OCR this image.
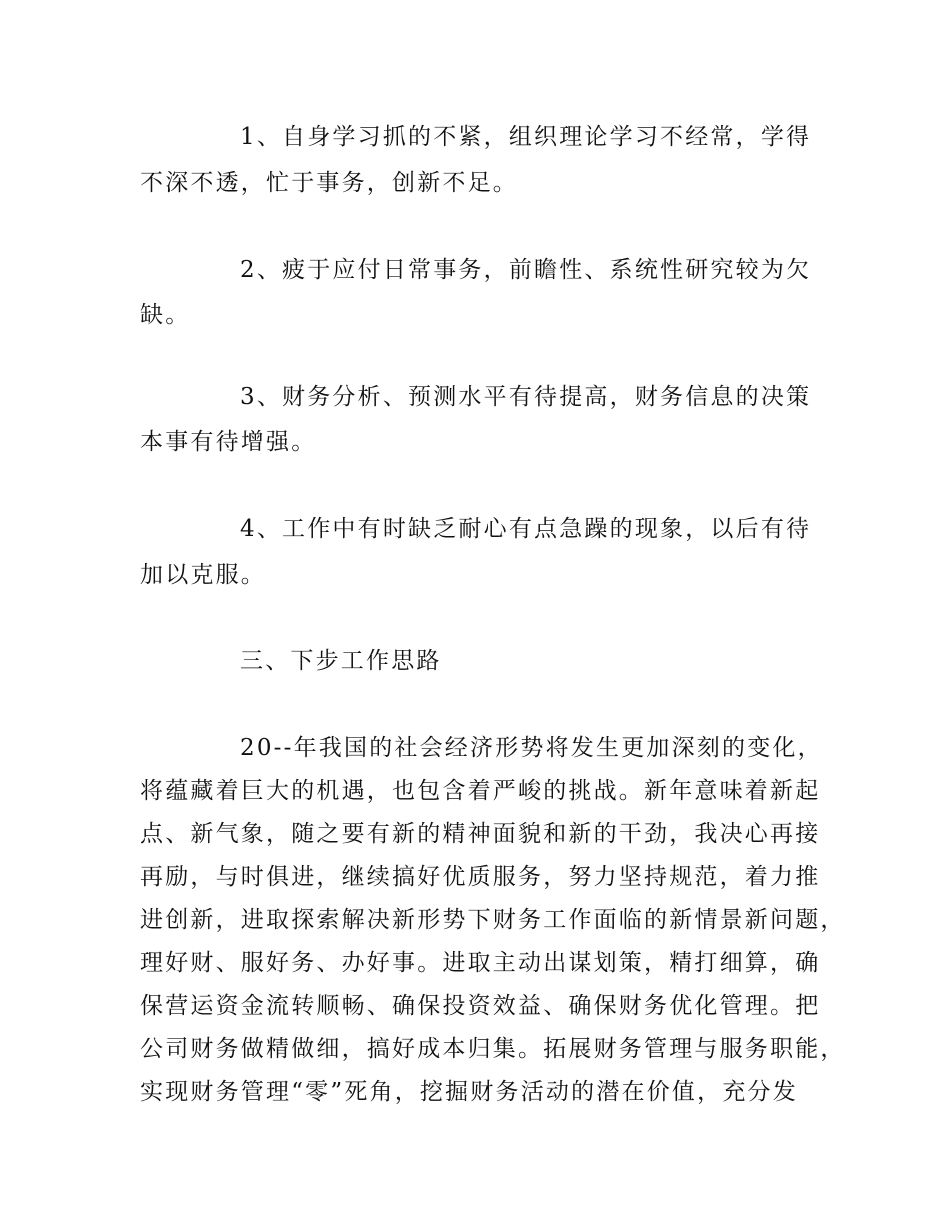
1、自身学习抓的不紧，组织理论学习不经常，学得
不深不透，忙于事务，创新不足。
2、疲于应付日常事务，前瞻性、系统性研究较为欠
缺。
3、财务分析、预测水平有待提高，财务信息的决策
本事有待增强。
4、工作中有时缺乏耐心有点急躁的现象，以后有待
加以克服。
三、下步工作思路
20--年我国的社会经济形势将发生更加深刻的变化，
将蕴藏着巨大的机遇，也包含着严峻的挑战。新年意味着新起
点、新气象，随之要有新的精神面貌和新的干劲，我决心再接
再励，与时俱进，继续搞好优质服务，努力坚持规范，着力推
进创新，进取探索解决新形势下财务工作面临的新情景新问题，
理好财、服好务、办好事。进取主动出谋划策，精打细算，确
保营运资金流转顺畅、确保投资效益、确保财务优化管理。把
公司财务做精做细，搞好成本归集。拓展财务管理与服务职能，
实现财务管理“零”死角，挖掘财务活动的潜在价值，充分发
